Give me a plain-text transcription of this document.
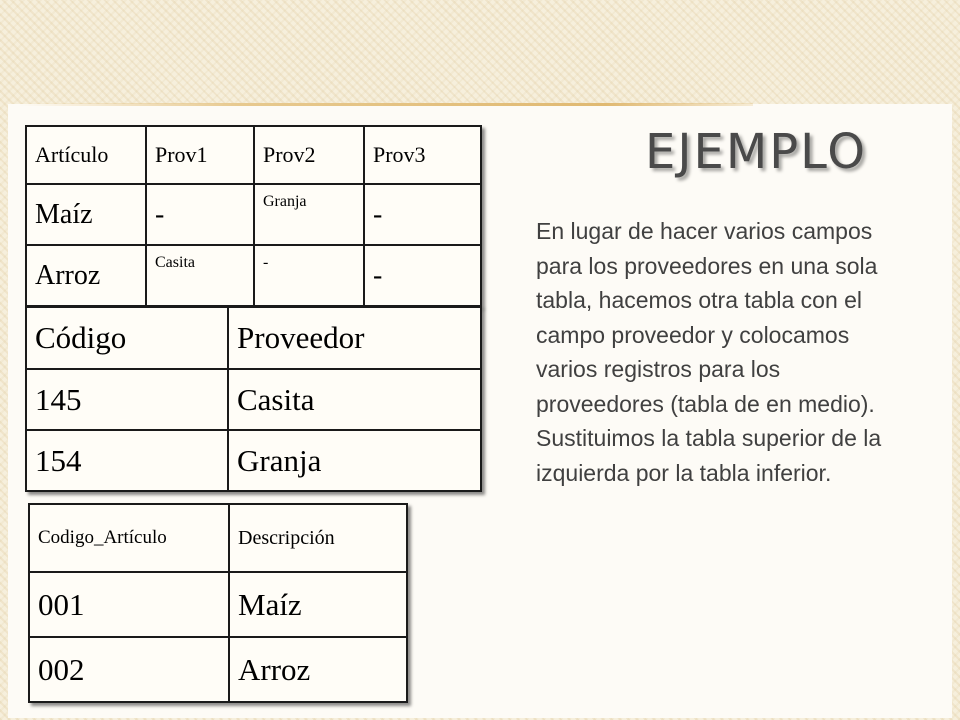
EJEMPLO

En lugar de hacer varios campos para los proveedores en una sola tabla, hacemos otra tabla con el campo proveedor y colocamos varios registros para los proveedores (tabla de en medio). Sustituimos la tabla superior de la izquierda por la tabla inferior.

Artículo	Prov1	Prov2	Prov3
Maíz	-	Granja	-
Arroz	Casita	-	-
Código	Proveedor
145	Casita
154	Granja
Codigo_Artículo	Descripción
001	Maíz
002	Arroz
